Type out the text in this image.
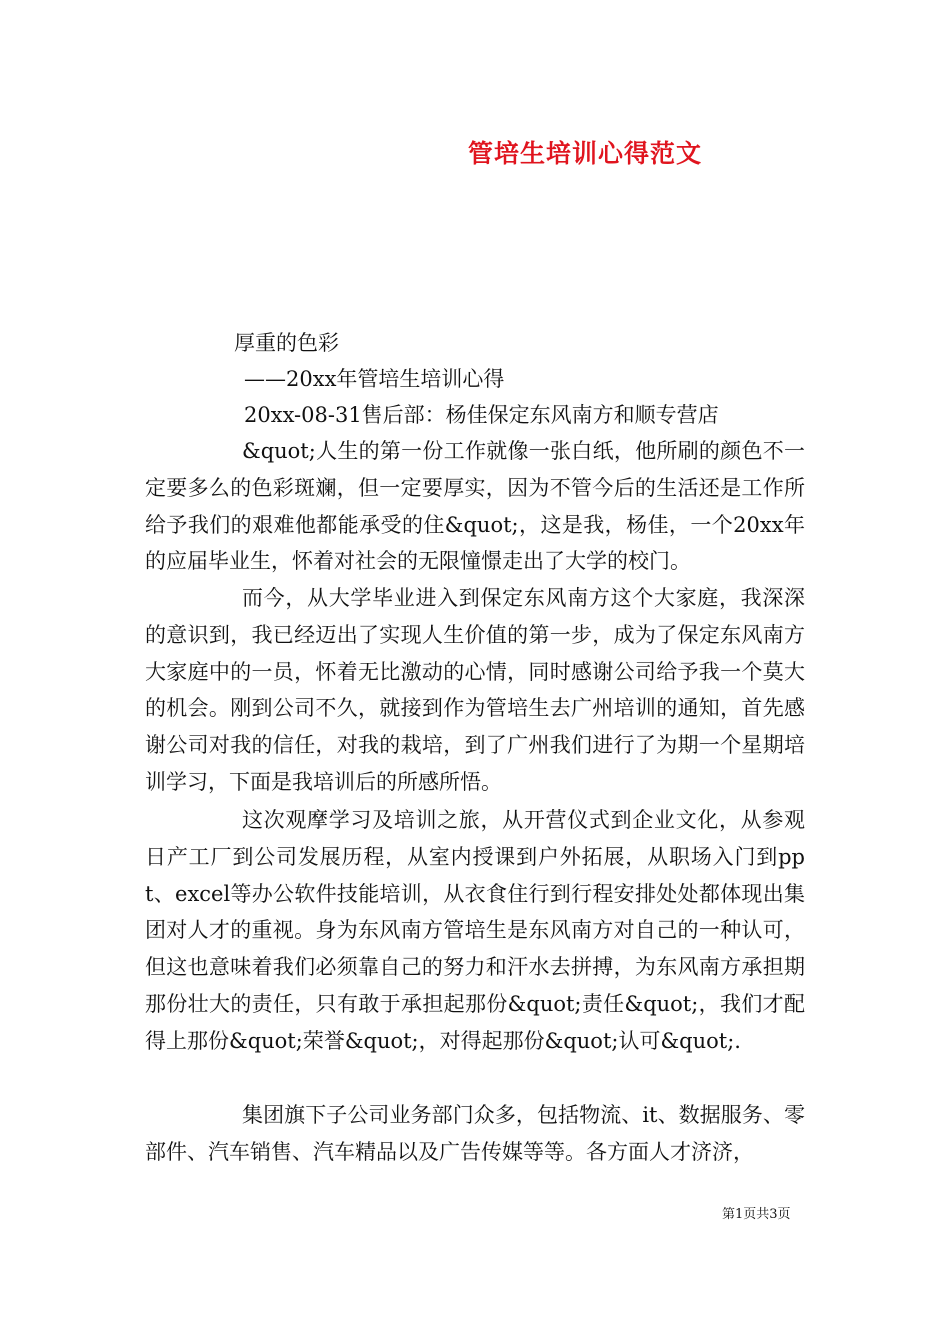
管培生培训心得范文
厚重的色彩
——20xx年管培生培训心得
20xx-08-31售后部：杨佳保定东风南方和顺专营店
&quot;人生的第一份工作就像一张白纸，他所刷的颜色不一定要多么的色彩斑斓，但一定要厚实，因为不管今后的生活还是工作所给予我们的艰难他都能承受的住&quot;，这是我，杨佳，一个20xx年的应届毕业生，怀着对社会的无限憧憬走出了大学的校门。
而今，从大学毕业进入到保定东风南方这个大家庭，我深深的意识到，我已经迈出了实现人生价值的第一步，成为了保定东风南方大家庭中的一员，怀着无比激动的心情，同时感谢公司给予我一个莫大的机会。刚到公司不久，就接到作为管培生去广州培训的通知，首先感谢公司对我的信任，对我的栽培，到了广州我们进行了为期一个星期培训学习，下面是我培训后的所感所悟。
这次观摩学习及培训之旅，从开营仪式到企业文化，从参观日产工厂到公司发展历程，从室内授课到户外拓展，从职场入门到ppt、excel等办公软件技能培训，从衣食住行到行程安排处处都体现出集团对人才的重视。身为东风南方管培生是东风南方对自己的一种认可，但这也意味着我们必须靠自己的努力和汗水去拼搏，为东风南方承担期那份壮大的责任，只有敢于承担起那份&quot;责任&quot;，我们才配得上那份&quot;荣誉&quot;，对得起那份&quot;认可&quot;.
集团旗下子公司业务部门众多，包括物流、it、数据服务、零部件、汽车销售、汽车精品以及广告传媒等等。各方面人才济济，
第1页共3页
